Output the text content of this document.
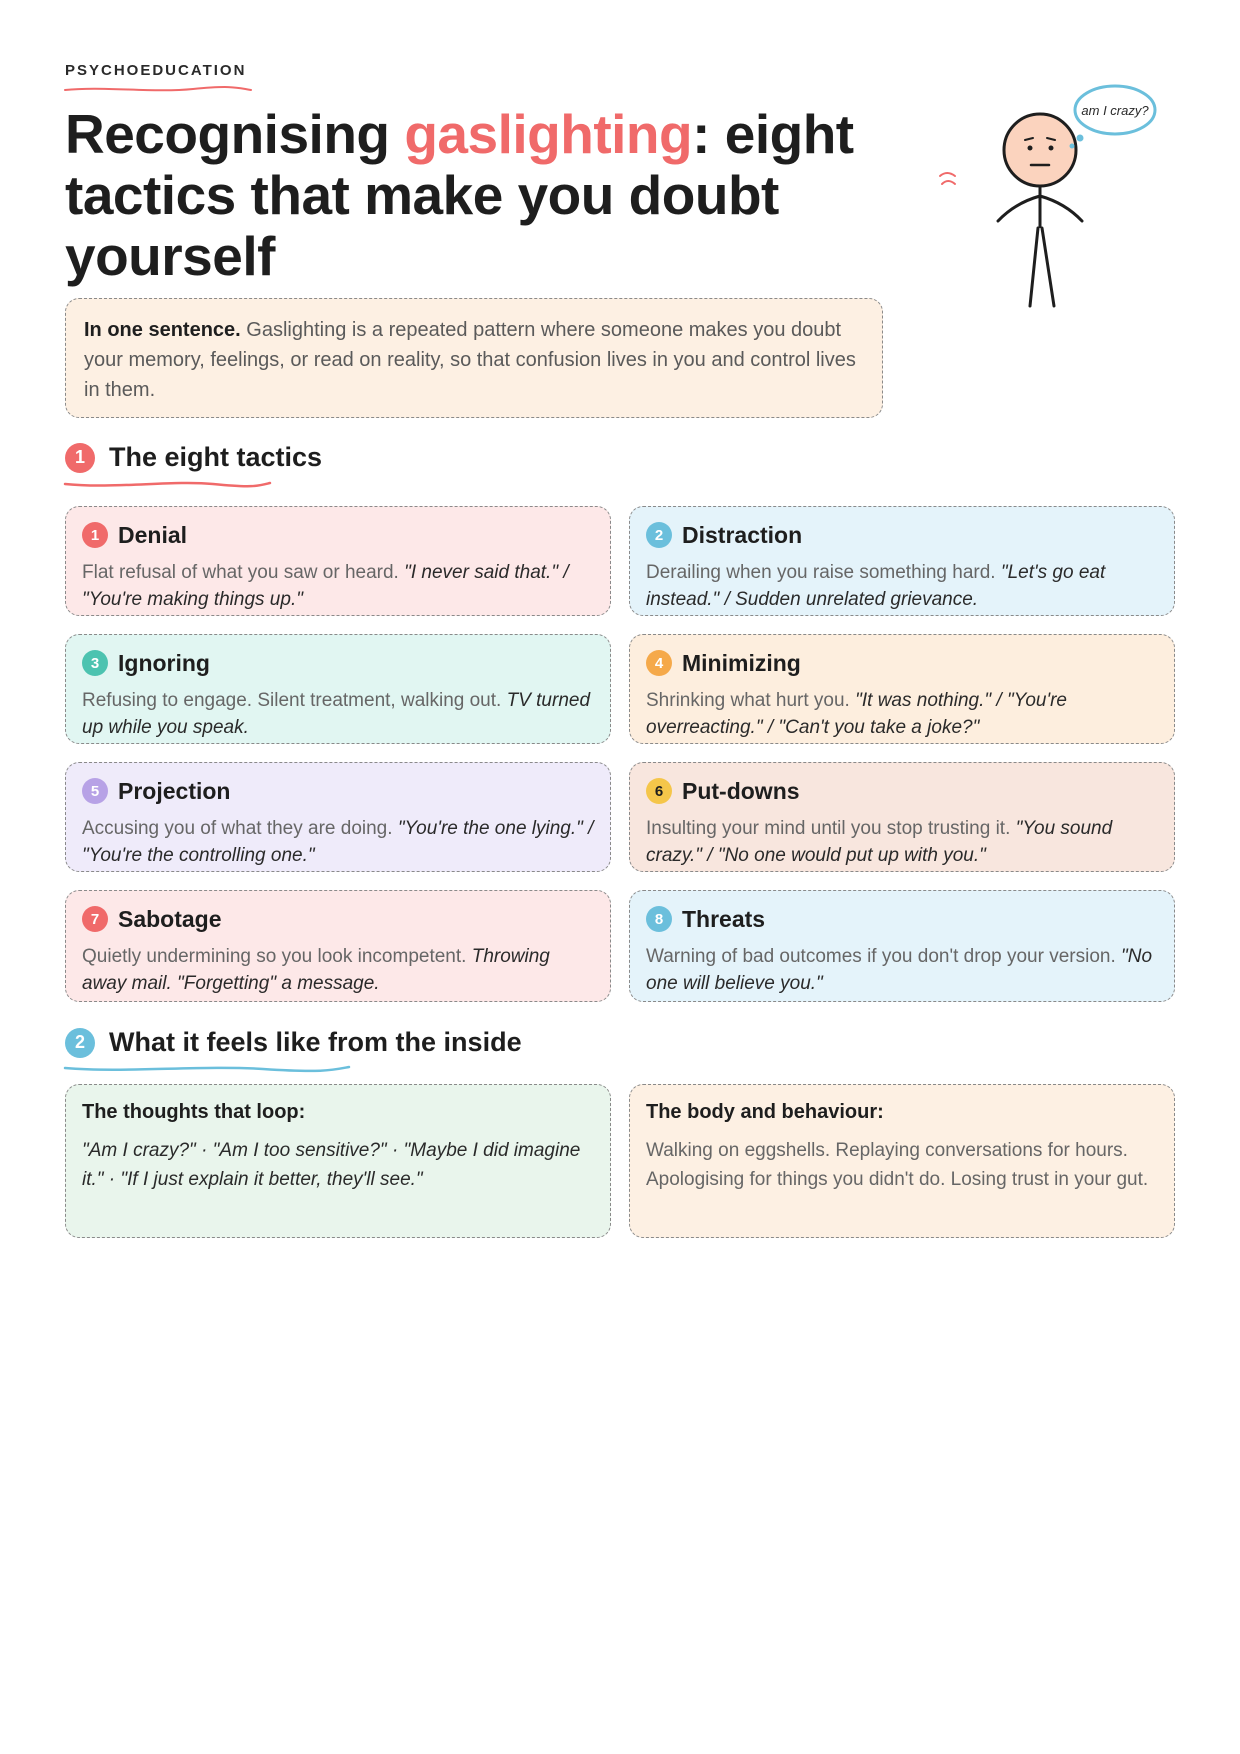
PSYCHOEDUCATION
Recognising gaslighting: eight tactics that make you doubt yourself
am I crazy?
In one sentence. Gaslighting is a repeated pattern where someone makes you doubt your memory, feelings, or read on reality, so that confusion lives in you and control lives in them.
1 The eight tactics
1 Denial
Flat refusal of what you saw or heard. "I never said that." / "You're making things up."
2 Distraction
Derailing when you raise something hard. "Let's go eat instead." / Sudden unrelated grievance.
3 Ignoring
Refusing to engage. Silent treatment, walking out. TV turned up while you speak.
4 Minimizing
Shrinking what hurt you. "It was nothing." / "You're overreacting." / "Can't you take a joke?"
5 Projection
Accusing you of what they are doing. "You're the one lying." / "You're the controlling one."
6 Put-downs
Insulting your mind until you stop trusting it. "You sound crazy." / "No one would put up with you."
7 Sabotage
Quietly undermining so you look incompetent. Throwing away mail. "Forgetting" a message.
8 Threats
Warning of bad outcomes if you don't drop your version. "No one will believe you."
2 What it feels like from the inside
The thoughts that loop:
"Am I crazy?" · "Am I too sensitive?" · "Maybe I did imagine it." · "If I just explain it better, they'll see."
The body and behaviour:
Walking on eggshells. Replaying conversations for hours. Apologising for things you didn't do. Losing trust in your gut.
